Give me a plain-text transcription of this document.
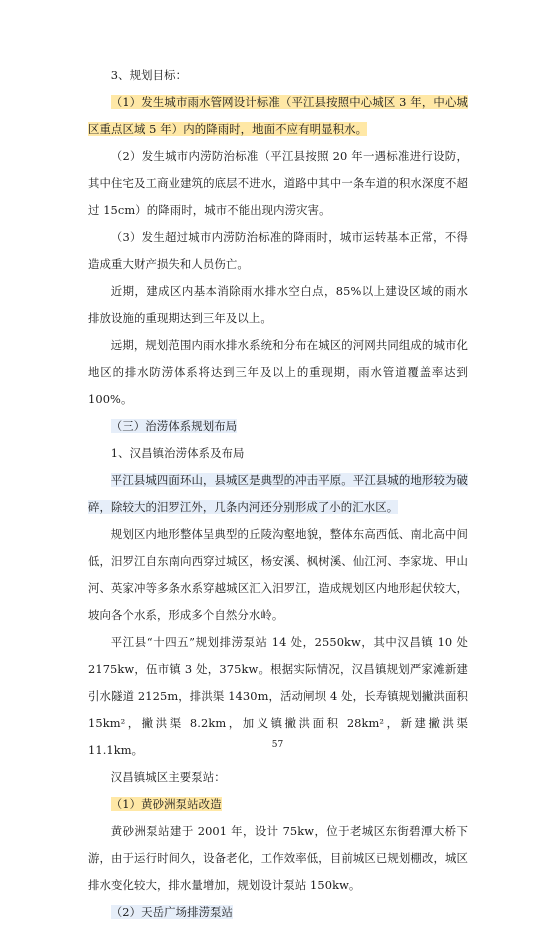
3、规划目标：

（1）发生城市雨水管网设计标准（平江县按照中心城区 3 年，中心城区重点区域 5 年）内的降雨时，地面不应有明显积水。

（2）发生城市内涝防治标准（平江县按照 20 年一遇标准进行设防，其中住宅及工商业建筑的底层不进水，道路中其中一条车道的积水深度不超过 15cm）的降雨时，城市不能出现内涝灾害。

（3）发生超过城市内涝防治标准的降雨时，城市运转基本正常，不得造成重大财产损失和人员伤亡。

近期，建成区内基本消除雨水排水空白点，85%以上建设区域的雨水排放设施的重现期达到三年及以上。

远期，规划范围内雨水排水系统和分布在城区的河网共同组成的城市化地区的排水防涝体系将达到三年及以上的重现期，雨水管道覆盖率达到 100%。

（三）治涝体系规划布局

1、汉昌镇治涝体系及布局

平江县城四面环山，县城区是典型的冲击平原。平江县城的地形较为破碎，除较大的汨罗江外，几条内河还分别形成了小的汇水区。

规划区内地形整体呈典型的丘陵沟壑地貌，整体东高西低、南北高中间低，汨罗江自东南向西穿过城区，杨安溪、枫树溪、仙江河、李家垅、甲山河、英家冲等多条水系穿越城区汇入汨罗江，造成规划区内地形起伏较大，坡向各个水系，形成多个自然分水岭。

平江县“十四五”规划排涝泵站 14 处，2550kw，其中汉昌镇 10 处 2175kw，伍市镇 3 处，375kw。根据实际情况，汉昌镇规划严家滩新建引水隧道 2125m，排洪渠 1430m，活动闸坝 4 处，长寿镇规划撇洪面积 15km²，撇洪渠 8.2km，加义镇撇洪面积 28km²，新建撇洪渠 11.1km。

汉昌镇城区主要泵站：

（1）黄砂洲泵站改造

黄砂洲泵站建于 2001 年，设计 75kw，位于老城区东街碧潭大桥下游，由于运行时间久，设备老化，工作效率低，目前城区已规划棚改，城区排水变化较大，排水量增加，规划设计泵站 150kw。

（2）天岳广场排涝泵站

57
